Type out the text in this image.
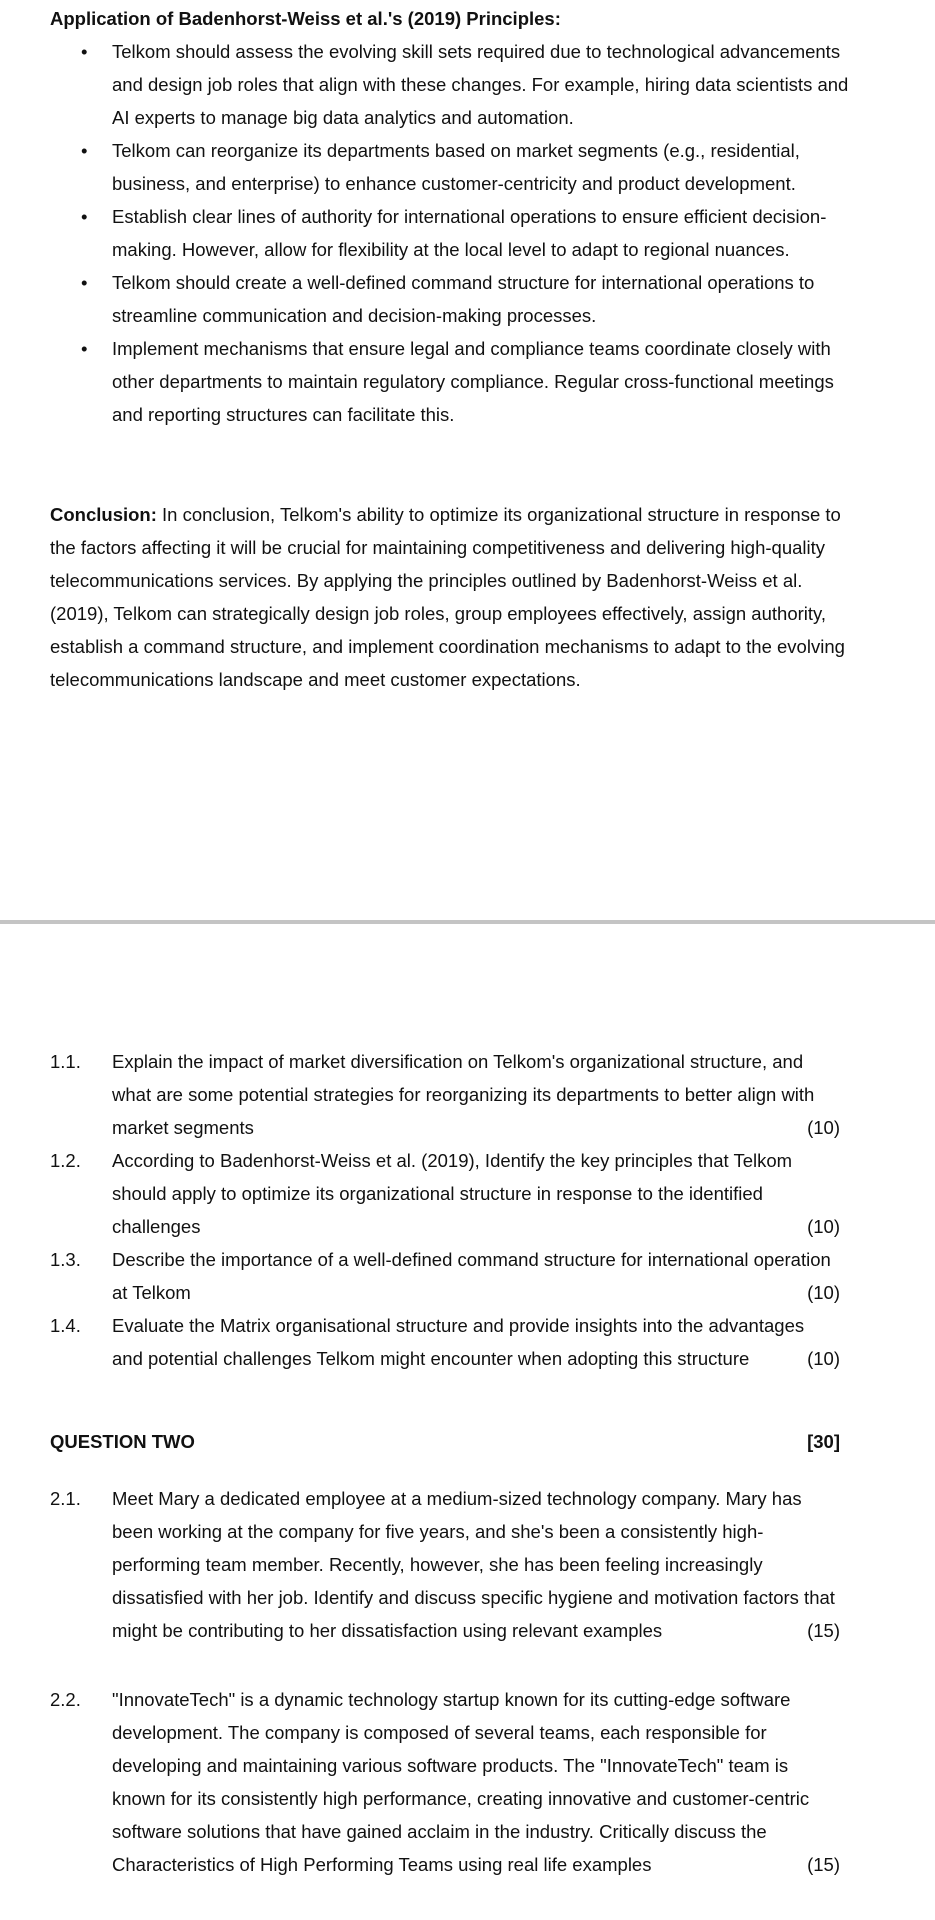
Application of Badenhorst-Weiss et al.'s (2019) Principles:

• Telkom should assess the evolving skill sets required due to technological advancements and design job roles that align with these changes. For example, hiring data scientists and AI experts to manage big data analytics and automation.
• Telkom can reorganize its departments based on market segments (e.g., residential, business, and enterprise) to enhance customer-centricity and product development.
• Establish clear lines of authority for international operations to ensure efficient decision-making. However, allow for flexibility at the local level to adapt to regional nuances.
• Telkom should create a well-defined command structure for international operations to streamline communication and decision-making processes.
• Implement mechanisms that ensure legal and compliance teams coordinate closely with other departments to maintain regulatory compliance. Regular cross-functional meetings and reporting structures can facilitate this.

Conclusion: In conclusion, Telkom's ability to optimize its organizational structure in response to the factors affecting it will be crucial for maintaining competitiveness and delivering high-quality telecommunications services. By applying the principles outlined by Badenhorst-Weiss et al. (2019), Telkom can strategically design job roles, group employees effectively, assign authority, establish a command structure, and implement coordination mechanisms to adapt to the evolving telecommunications landscape and meet customer expectations.

1.1. Explain the impact of market diversification on Telkom's organizational structure, and what are some potential strategies for reorganizing its departments to better align with market segments	(10)
1.2. According to Badenhorst-Weiss et al. (2019), Identify the key principles that Telkom should apply to optimize its organizational structure in response to the identified challenges	(10)
1.3. Describe the importance of a well-defined command structure for international operation at Telkom	(10)
1.4. Evaluate the Matrix organisational structure and provide insights into the advantages and potential challenges Telkom might encounter when adopting this structure	(10)
QUESTION TWO	[30]
2.1. Meet Mary a dedicated employee at a medium-sized technology company. Mary has been working at the company for five years, and she's been a consistently high-performing team member. Recently, however, she has been feeling increasingly dissatisfied with her job. Identify and discuss specific hygiene and motivation factors that might be contributing to her dissatisfaction using relevant examples	(15)
2.2. "InnovateTech" is a dynamic technology startup known for its cutting-edge software development. The company is composed of several teams, each responsible for developing and maintaining various software products. The "InnovateTech" team is known for its consistently high performance, creating innovative and customer-centric software solutions that have gained acclaim in the industry. Critically discuss the Characteristics of High Performing Teams using real life examples	(15)
